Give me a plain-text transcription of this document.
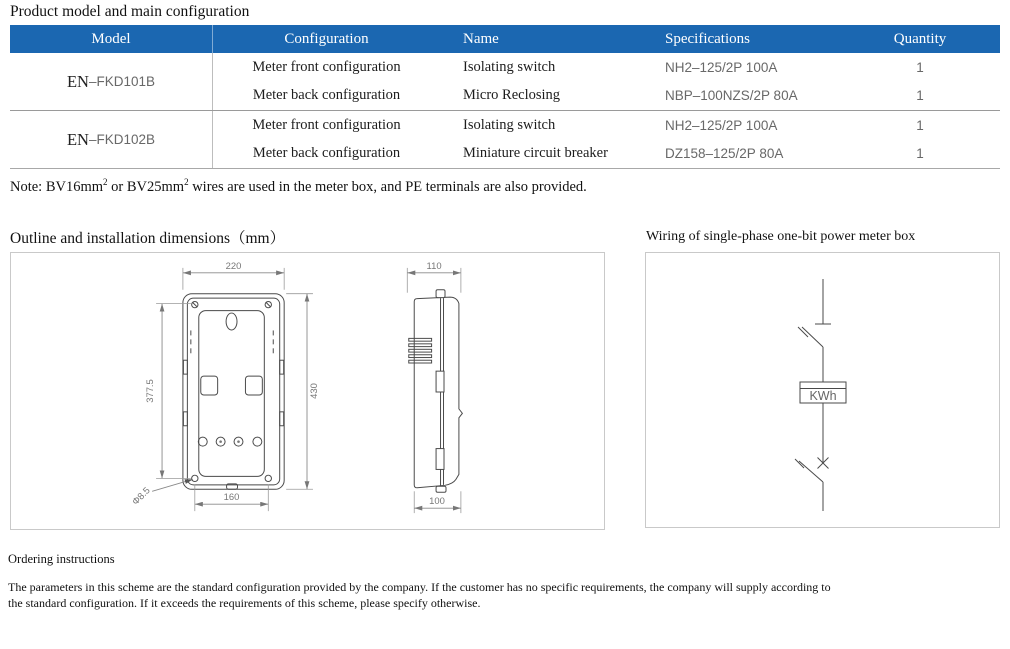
Product model and main configuration
Model	Configuration	Name	Specifications	Quantity
EN –FKD101B
Meter front configuration	Isolating switch	NH2–125/2P 100A	1
Meter back configuration	Micro Reclosing	NBP–100NZS/2P 80A	1
EN –FKD102B
Meter front configuration	Isolating switch	NH2–125/2P 100A	1
Meter back configuration	Miniature circuit breaker	DZ158–125/2P 80A	1
Note: $BV16mm^2$ or $BV25mm^2$ wires are used in the meter box, and PE terminals are also provided.
Outline and installation dimensions（mm）	Wiring of single-phase one-bit power meter box
220
430
377.5
160
Φ8.5
110
100
KWh
Ordering instructions
The parameters in this scheme are the standard configuration provided by the company. If the customer has no specific requirements, the company will supply according to the standard configuration. If it exceeds the requirements of this scheme, please specify otherwise.
